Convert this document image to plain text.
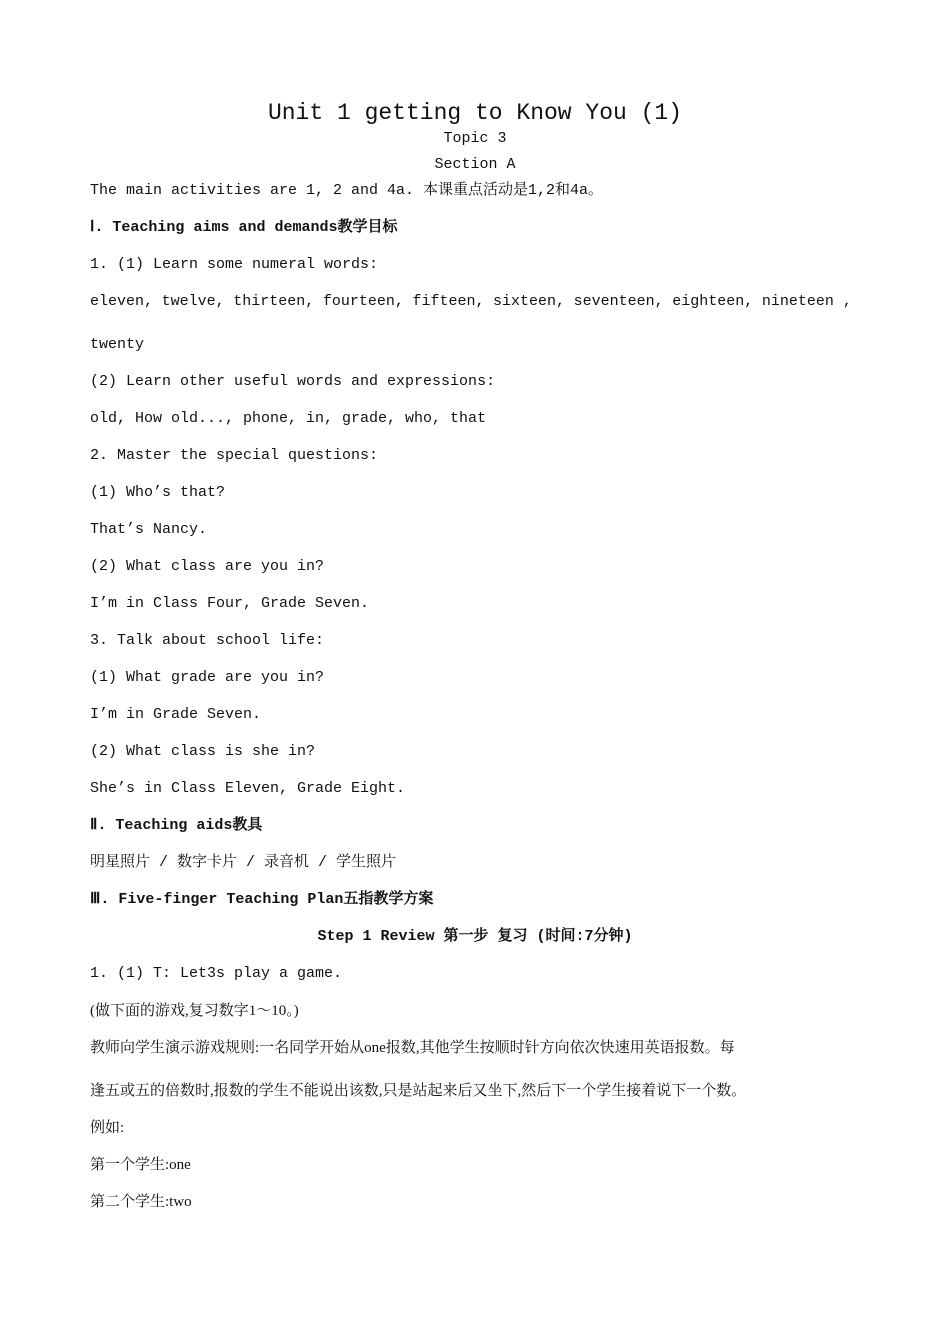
Unit 1 getting to Know You (1)
Topic 3
Section A
The main activities are 1, 2 and 4a. 本课重点活动是1,2和4a。
Ⅰ. Teaching aims and demands教学目标
1. (1) Learn some numeral words:
eleven, twelve, thirteen, fourteen, fifteen, sixteen, seventeen, eighteen, nineteen ,
twenty
(2) Learn other useful words and expressions:
old, How old..., phone, in, grade, who, that
2. Master the special questions:
(1) Who’s that?
That’s Nancy.
(2) What class are you in?
I’m in Class Four, Grade Seven.
3. Talk about school life:
(1) What grade are you in?
I’m in Grade Seven.
(2) What class is she in?
She’s in Class Eleven, Grade Eight.
Ⅱ. Teaching aids教具
明星照片 / 数字卡片 / 录音机 / 学生照片
Ⅲ. Five-finger Teaching Plan五指教学方案
Step 1 Review 第一步 复习 (时间:7分钟)
1. (1) T: Let3s play a game.
(做下面的游戏,复习数字1～10。)
教师向学生演示游戏规则:一名同学开始从one报数,其他学生按顺时针方向依次快速用英语报数。每
逢五或五的倍数时,报数的学生不能说出该数,只是站起来后又坐下,然后下一个学生接着说下一个数。
例如:
第一个学生:one
第二个学生:two
